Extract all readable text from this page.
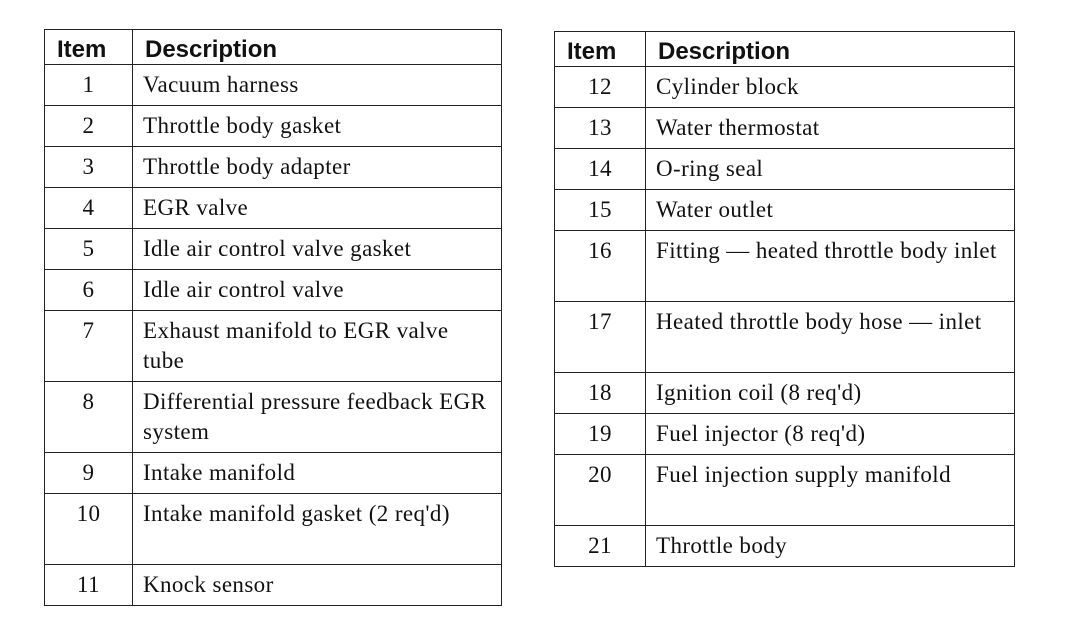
Item	Description
1	Vacuum harness
2	Throttle body gasket
3	Throttle body adapter
4	EGR valve
5	Idle air control valve gasket
6	Idle air control valve
7	Exhaust manifold to EGR valve tube
8	Differential pressure feedback EGR system
9	Intake manifold
10	Intake manifold gasket (2 req'd)
11	Knock sensor
Item	Description
12	Cylinder block
13	Water thermostat
14	O-ring seal
15	Water outlet
16	Fitting — heated throttle body inlet
17	Heated throttle body hose — inlet
18	Ignition coil (8 req'd)
19	Fuel injector (8 req'd)
20	Fuel injection supply manifold
21	Throttle body
